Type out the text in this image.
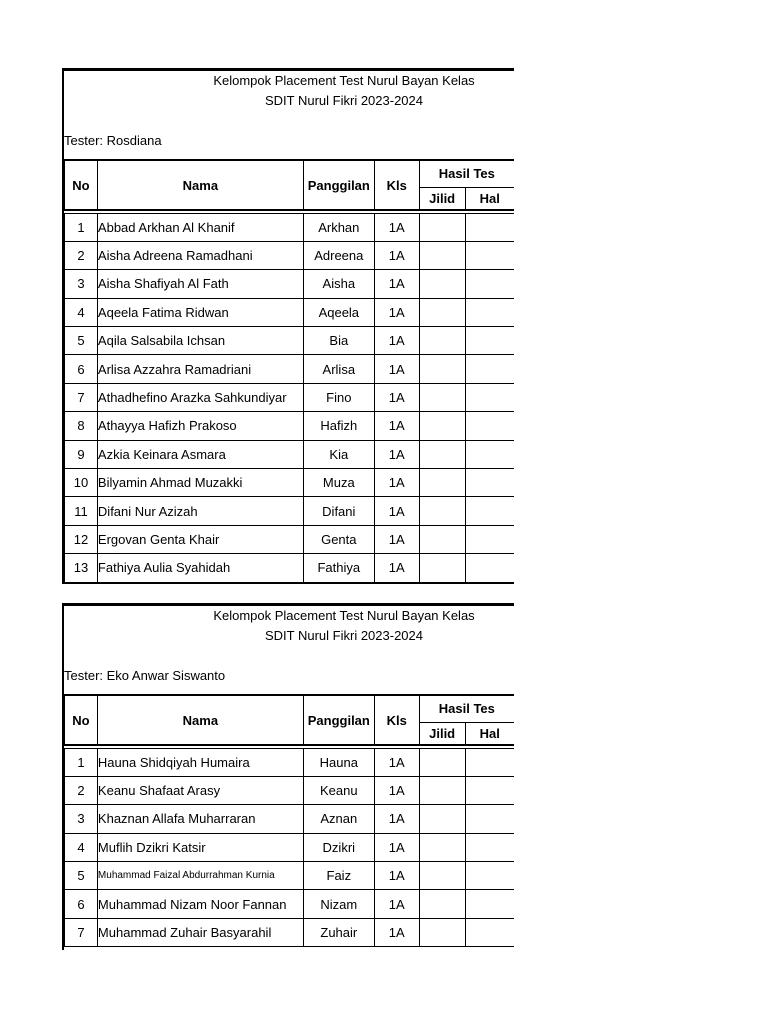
Kelompok Placement Test Nurul Bayan Kelas
SDIT Nurul Fikri 2023-2024
Tester: Rosdiana
No	Nama	Panggilan	Kls	Hasil Tes	
				Jilid	Hal

1	Abbad Arkhan Al Khanif	Arkhan	1A		
2	Aisha Adreena Ramadhani	Adreena	1A		
3	Aisha Shafiyah Al Fath	Aisha	1A		
4	Aqeela Fatima Ridwan	Aqeela	1A		
5	Aqila Salsabila Ichsan	Bia	1A		
6	Arlisa Azzahra Ramadriani	Arlisa	1A		
7	Athadhefino Arazka Sahkundiyar	Fino	1A		
8	Athayya Hafizh Prakoso	Hafizh	1A		
9	Azkia Keinara Asmara	Kia	1A		
10	Bilyamin Ahmad Muzakki	Muza	1A		
11	Difani Nur Azizah	Difani	1A		
12	Ergovan Genta Khair	Genta	1A		
13	Fathiya Aulia Syahidah	Fathiya	1A		
Kelompok Placement Test Nurul Bayan Kelas
SDIT Nurul Fikri 2023-2024
Tester: Eko Anwar Siswanto
No	Nama	Panggilan	Kls	Hasil Tes	
				Jilid	Hal

1	Hauna Shidqiyah Humaira	Hauna	1A		
2	Keanu Shafaat Arasy	Keanu	1A		
3	Khaznan Allafa Muharraran	Aznan	1A		
4	Muflih Dzikri Katsir	Dzikri	1A		
5	Muhammad Faizal Abdurrahman Kurnia	Faiz	1A		
6	Muhammad Nizam Noor Fannan	Nizam	1A		
7	Muhammad Zuhair Basyarahil	Zuhair	1A		
